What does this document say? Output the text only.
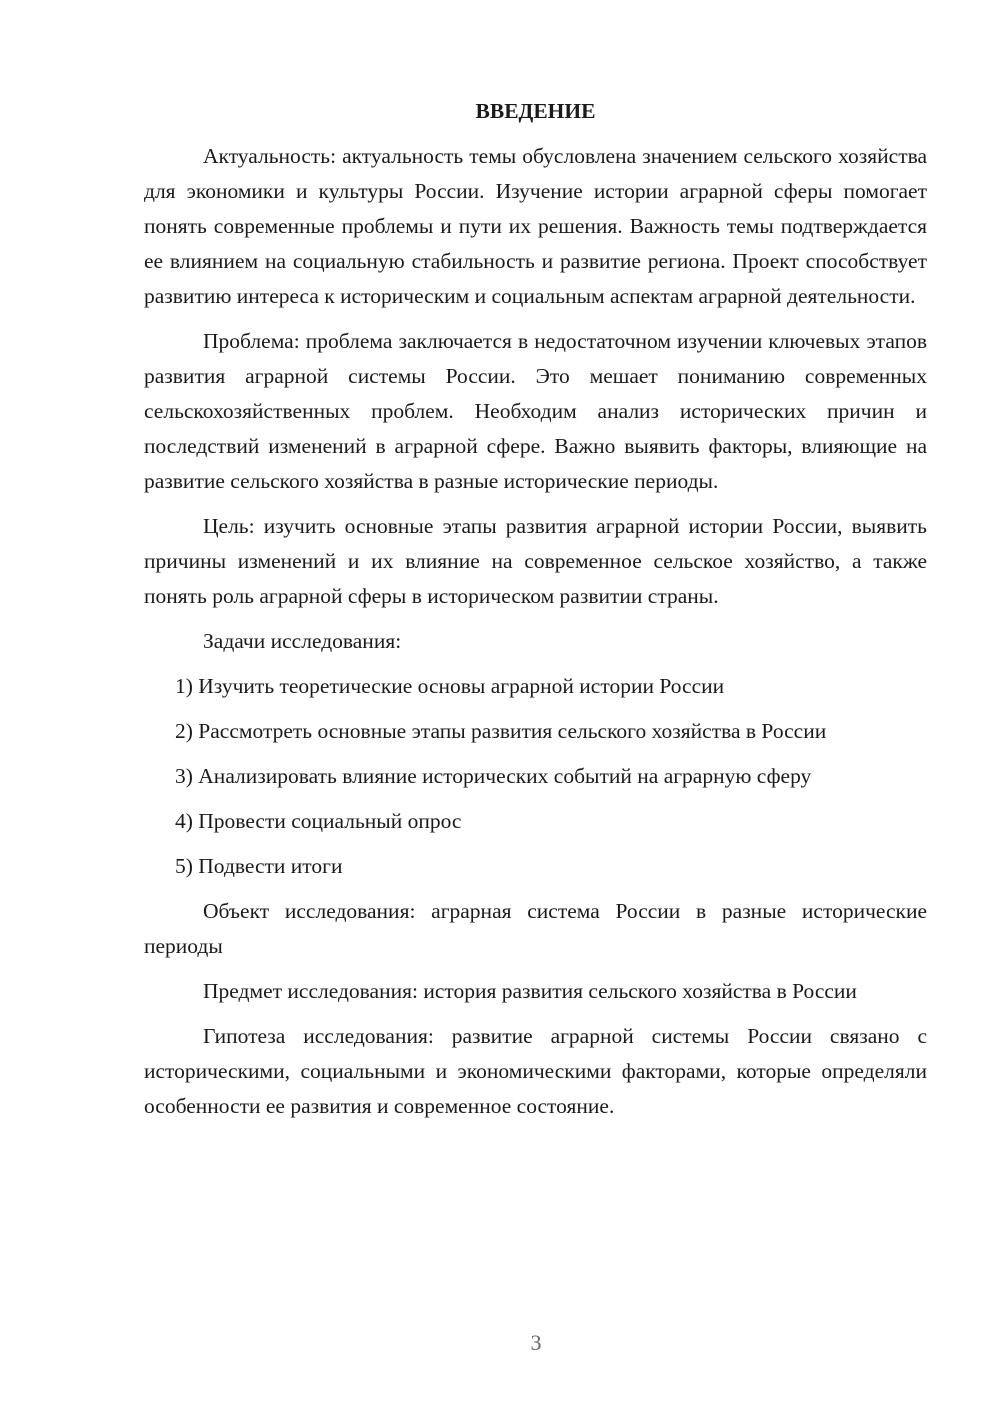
ВВЕДЕНИЕ
Актуальность: актуальность темы обусловлена значением сельского хозяйства для экономики и культуры России. Изучение истории аграрной сферы помогает понять современные проблемы и пути их решения. Важность темы подтверждается ее влиянием на социальную стабильность и развитие региона. Проект способствует развитию интереса к историческим и социальным аспектам аграрной деятельности.
Проблема: проблема заключается в недостаточном изучении ключевых этапов развития аграрной системы России. Это мешает пониманию современных сельскохозяйственных проблем. Необходим анализ исторических причин и последствий изменений в аграрной сфере. Важно выявить факторы, влияющие на развитие сельского хозяйства в разные исторические периоды.
Цель: изучить основные этапы развития аграрной истории России, выявить причины изменений и их влияние на современное сельское хозяйство, а также понять роль аграрной сферы в историческом развитии страны.
Задачи исследования:
1) Изучить теоретические основы аграрной истории России
2) Рассмотреть основные этапы развития сельского хозяйства в России
3) Анализировать влияние исторических событий на аграрную сферу
4) Провести социальный опрос
5) Подвести итоги
Объект исследования: аграрная система России в разные исторические периоды
Предмет исследования: история развития сельского хозяйства в России
Гипотеза исследования: развитие аграрной системы России связано с историческими, социальными и экономическими факторами, которые определяли особенности ее развития и современное состояние.
3
